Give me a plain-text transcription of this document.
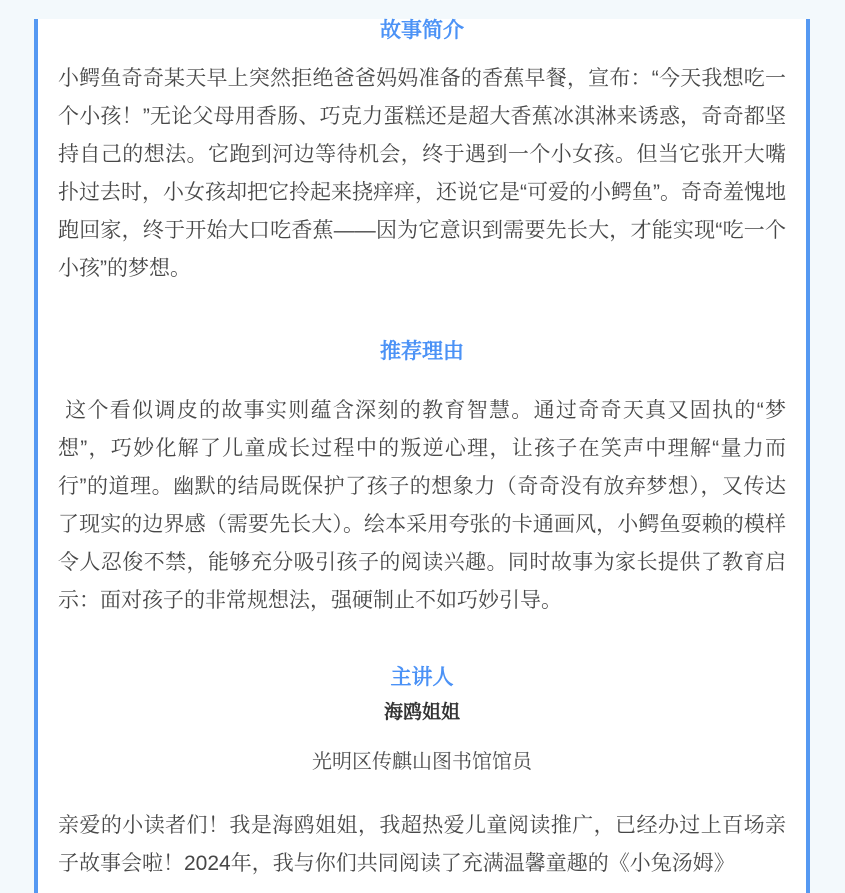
故事简介

小鳄鱼奇奇某天早上突然拒绝爸爸妈妈准备的香蕉早餐，宣布：“今天我想吃一个小孩！”无论父母用香肠、巧克力蛋糕还是超大香蕉冰淇淋来诱惑，奇奇都坚持自己的想法。它跑到河边等待机会，终于遇到一个小女孩。但当它张开大嘴扑过去时，小女孩却把它拎起来挠痒痒，还说它是“可爱的小鳄鱼”。奇奇羞愧地跑回家，终于开始大口吃香蕉——因为它意识到需要先长大，才能实现“吃一个小孩”的梦想。

推荐理由

这个看似调皮的故事实则蕴含深刻的教育智慧。通过奇奇天真又固执的“梦想”，巧妙化解了儿童成长过程中的叛逆心理，让孩子在笑声中理解“量力而行”的道理。幽默的结局既保护了孩子的想象力（奇奇没有放弃梦想），又传达了现实的边界感（需要先长大）。绘本采用夸张的卡通画风，小鳄鱼耍赖的模样令人忍俊不禁，能够充分吸引孩子的阅读兴趣。同时故事为家长提供了教育启示：面对孩子的非常规想法，强硬制止不如巧妙引导。

主讲人
海鸥姐姐
光明区传麒山图书馆馆员

亲爱的小读者们！我是海鸥姐姐，我超热爱儿童阅读推广，已经办过上百场亲子故事会啦！2024年，我与你们共同阅读了充满温馨童趣的《小兔汤姆》
